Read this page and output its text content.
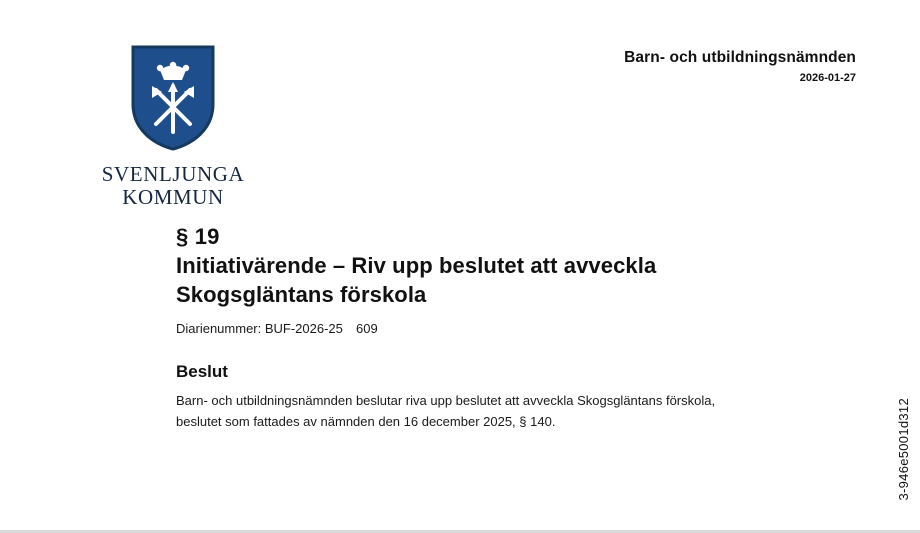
Barn- och utbildningsnämnden
2026-01-27
SVENLJUNGA
KOMMUN
§ 19
Initiativärende – Riv upp beslutet att avveckla Skogsgläntans förskola
Diarienummer: BUF-2026-25	609
Beslut
Barn- och utbildningsnämnden beslutar riva upp beslutet att avveckla Skogsgläntans förskola, beslutet som fattades av nämnden den 16 december 2025, § 140.	3-946e5001d312
